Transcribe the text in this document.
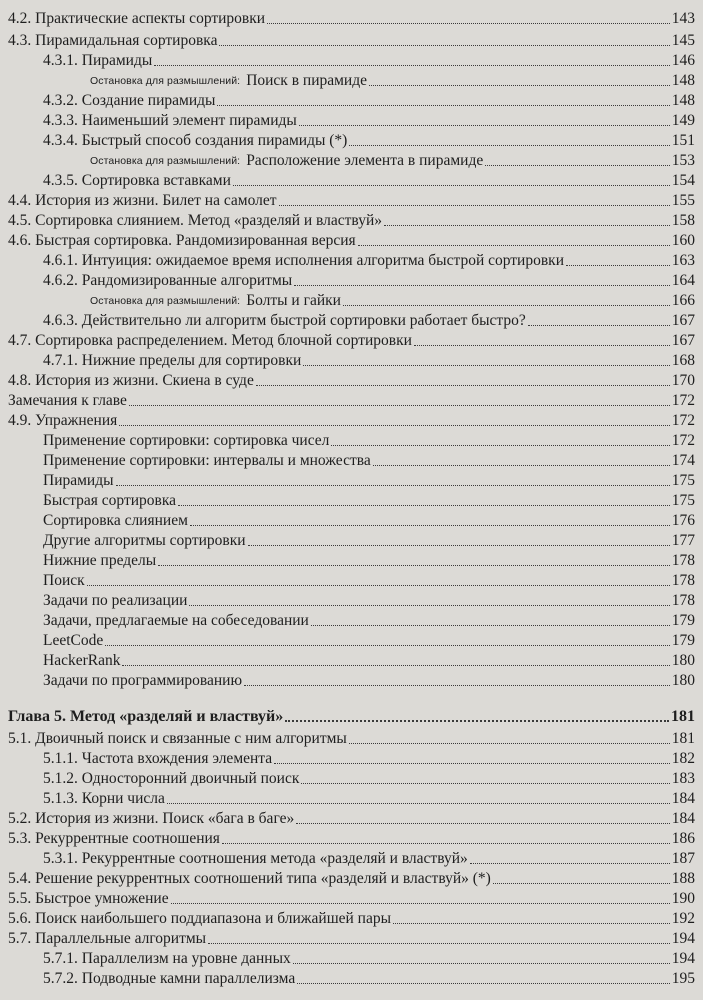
4.2. Практические аспекты сортировки	143
4.3. Пирамидальная сортировка	145
4.3.1. Пирамиды	146
Остановка для размышлений: Поиск в пирамиде	148
4.3.2. Создание пирамиды	148
4.3.3. Наименьший элемент пирамиды	149
4.3.4. Быстрый способ создания пирамиды (*)	151
Остановка для размышлений: Расположение элемента в пирамиде	153
4.3.5. Сортировка вставками	154
4.4. История из жизни. Билет на самолет	155
4.5. Сортировка слиянием. Метод «разделяй и властвуй»	158
4.6. Быстрая сортировка. Рандомизированная версия	160
4.6.1. Интуиция: ожидаемое время исполнения алгоритма быстрой сортировки	163
4.6.2. Рандомизированные алгоритмы	164
Остановка для размышлений: Болты и гайки	166
4.6.3. Действительно ли алгоритм быстрой сортировки работает быстро?	167
4.7. Сортировка распределением. Метод блочной сортировки	167
4.7.1. Нижние пределы для сортировки	168
4.8. История из жизни. Скиена в суде	170
Замечания к главе	172
4.9. Упражнения	172
Применение сортировки: сортировка чисел	172
Применение сортировки: интервалы и множества	174
Пирамиды	175
Быстрая сортировка	175
Сортировка слиянием	176
Другие алгоритмы сортировки	177
Нижние пределы	178
Поиск	178
Задачи по реализации	178
Задачи, предлагаемые на собеседовании	179
LeetCode	179
HackerRank	180
Задачи по программированию	180
Глава 5. Метод «разделяй и властвуй»	181
5.1. Двоичный поиск и связанные с ним алгоритмы	181
5.1.1. Частота вхождения элемента	182
5.1.2. Односторонний двоичный поиск	183
5.1.3. Корни числа	184
5.2. История из жизни. Поиск «бага в баге»	184
5.3. Рекуррентные соотношения	186
5.3.1. Рекуррентные соотношения метода «разделяй и властвуй»	187
5.4. Решение рекуррентных соотношений типа «разделяй и властвуй» (*)	188
5.5. Быстрое умножение	190
5.6. Поиск наибольшего поддиапазона и ближайшей пары	192
5.7. Параллельные алгоритмы	194
5.7.1. Параллелизм на уровне данных	194
5.7.2. Подводные камни параллелизма	195
